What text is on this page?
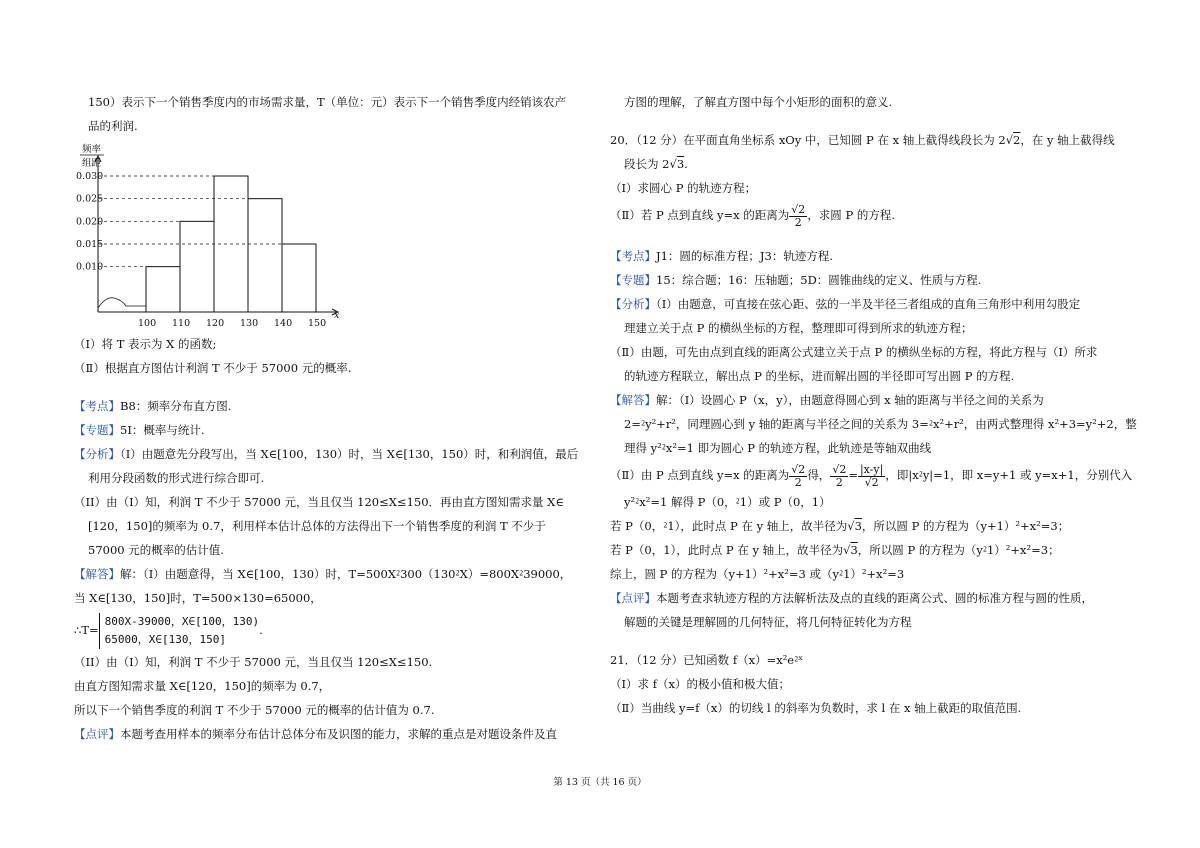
150）表示下一个销售季度内的市场需求量，T（单位：元）表示下一个销售季度内经销该农产
品的利润.
频率
组距
x
0.030
0.025
0.020
0.015
0.010
100 110 120 130 140 150
（Ⅰ）将 T 表示为 X 的函数;
（Ⅱ）根据直方图估计利润 T 不少于 57000 元的概率.
【考点】B8：频率分布直方图.
【专题】5I：概率与统计.
【分析】（I）由题意先分段写出，当 X∈[100，130）时，当 X∈[130，150）时，和利润值，最后
利用分段函数的形式进行综合即可.
（II）由（I）知，利润 T 不少于 57000 元，当且仅当 120≤X≤150．再由直方图知需求量 X∈
[120，150]的频率为 0.7，利用样本估计总体的方法得出下一个销售季度的利润 T 不少于
57000 元的概率的估计值.
【解答】解：（I）由题意得，当 X∈[100，130）时，T=500X⁲300（130⁲X）=800X⁲39000，
当 X∈[130，150]时，T=500×130=65000，
∴T=
800X-39000，X∈[100，130)
65000，X∈[130，150]
.
（II）由（I）知，利润 T 不少于 57000 元，当且仅当 120≤X≤150.
由直方图知需求量 X∈[120，150]的频率为 0.7，
所以下一个销售季度的利润 T 不少于 57000 元的概率的估计值为 0.7.
【点评】本题考查用样本的频率分布估计总体分布及识图的能力，求解的重点是对题设条件及直
方图的理解，了解直方图中每个小矩形的面积的意义.
20．（12 分）在平面直角坐标系 xOy 中，已知圆 P 在 x 轴上截得线段长为 2√2，在 y 轴上截得线
段长为 2√3.
（Ⅰ）求圆心 P 的轨迹方程；
（Ⅱ）若 P 点到直线 y=x 的距离为 $\frac{√2}{2}$ ，求圆 P 的方程.
【考点】J1：圆的标准方程；J3：轨迹方程.
【专题】15：综合题；16：压轴题；5D：圆锥曲线的定义、性质与方程.
【分析】（Ⅰ）由题意，可直接在弦心距、弦的一半及半径三者组成的直角三角形中利用勾股定
理建立关于点 P 的横纵坐标的方程，整理即可得到所求的轨迹方程；
（Ⅱ）由题，可先由点到直线的距离公式建立关于点 P 的横纵坐标的方程，将此方程与（I）所求
的轨迹方程联立，解出点 P 的坐标，进而解出圆的半径即可写出圆 P 的方程.
【解答】解：（Ⅰ）设圆心 P（x，y），由题意得圆心到 x 轴的距离与半径之间的关系为
2=⁲y²+r²，同理圆心到 y 轴的距离与半径之间的关系为 3=⁲x²+r²，由两式整理得 x²+3=y²+2，整
理得 y²⁲x²=1 即为圆心 P 的轨迹方程，此轨迹是等轴双曲线
（Ⅱ）由 P 点到直线 y=x 的距离为 $\frac{√2}{2}$ 得， $\frac{√2}{2} = \frac{|x-y|}{√2}$ ，即|x⁲y|=1，即 x=y+1 或 y=x+1，分别代入
y²⁲x²=1 解得 P（0，⁲1）或 P（0，1）
若 P（0，⁲1），此时点 P 在 y 轴上，故半径为√3，所以圆 P 的方程为（y+1）²+x²=3；
若 P（0，1），此时点 P 在 y 轴上，故半径为√3，所以圆 P 的方程为（y⁲1）²+x²=3；
综上，圆 P 的方程为（y+1）²+x²=3 或（y⁲1）²+x²=3
【点评】本题考查求轨迹方程的方法解析法及点的直线的距离公式、圆的标准方程与圆的性质，
解题的关键是理解圆的几何特征，将几何特征转化为方程
21．（12 分）已知函数 f（x）=x²e⁲ˣ
（Ⅰ）求 f（x）的极小值和极大值；
（Ⅱ）当曲线 y=f（x）的切线 l 的斜率为负数时，求 l 在 x 轴上截距的取值范围.
第 13 页（共 16 页）
